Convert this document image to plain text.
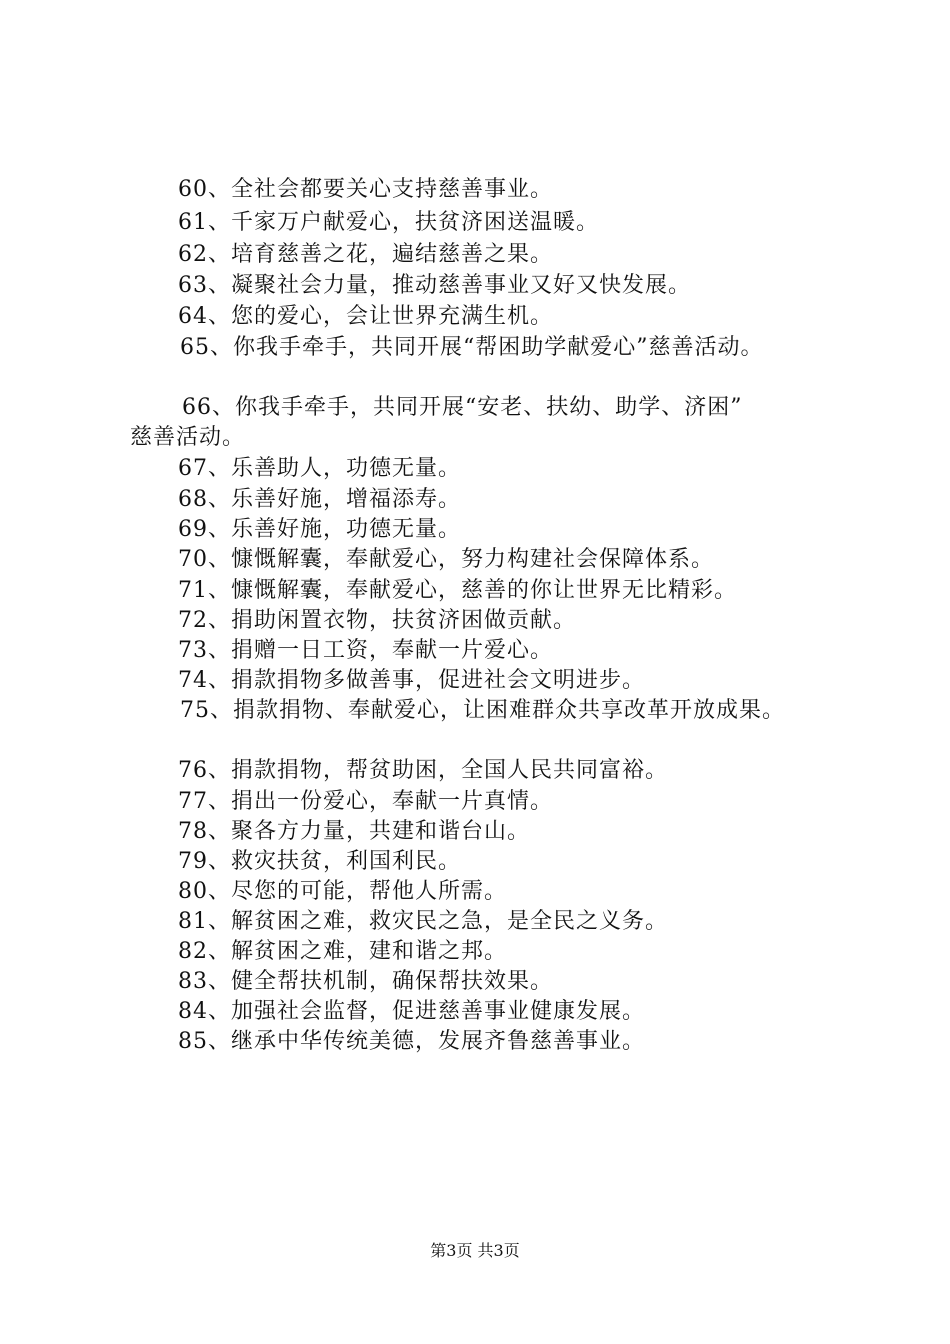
60、全社会都要关心支持慈善事业。
61、千家万户献爱心，扶贫济困送温暖。
62、培育慈善之花，遍结慈善之果。
63、凝聚社会力量，推动慈善事业又好又快发展。
64、您的爱心，会让世界充满生机。
65、你我手牵手，共同开展“帮困助学献爱心”慈善活动。
66、你我手牵手，共同开展“安老、扶幼、助学、济困”
慈善活动。
67、乐善助人，功德无量。
68、乐善好施，增福添寿。
69、乐善好施，功德无量。
70、慷慨解囊，奉献爱心，努力构建社会保障体系。
71、慷慨解囊，奉献爱心，慈善的你让世界无比精彩。
72、捐助闲置衣物，扶贫济困做贡献。
73、捐赠一日工资，奉献一片爱心。
74、捐款捐物多做善事，促进社会文明进步。
75、捐款捐物、奉献爱心，让困难群众共享改革开放成果。
76、捐款捐物，帮贫助困，全国人民共同富裕。
77、捐出一份爱心，奉献一片真情。
78、聚各方力量，共建和谐台山。
79、救灾扶贫，利国利民。
80、尽您的可能，帮他人所需。
81、解贫困之难，救灾民之急，是全民之义务。
82、解贫困之难，建和谐之邦。
83、健全帮扶机制，确保帮扶效果。
84、加强社会监督，促进慈善事业健康发展。
85、继承中华传统美德，发展齐鲁慈善事业。
第3页 共3页
